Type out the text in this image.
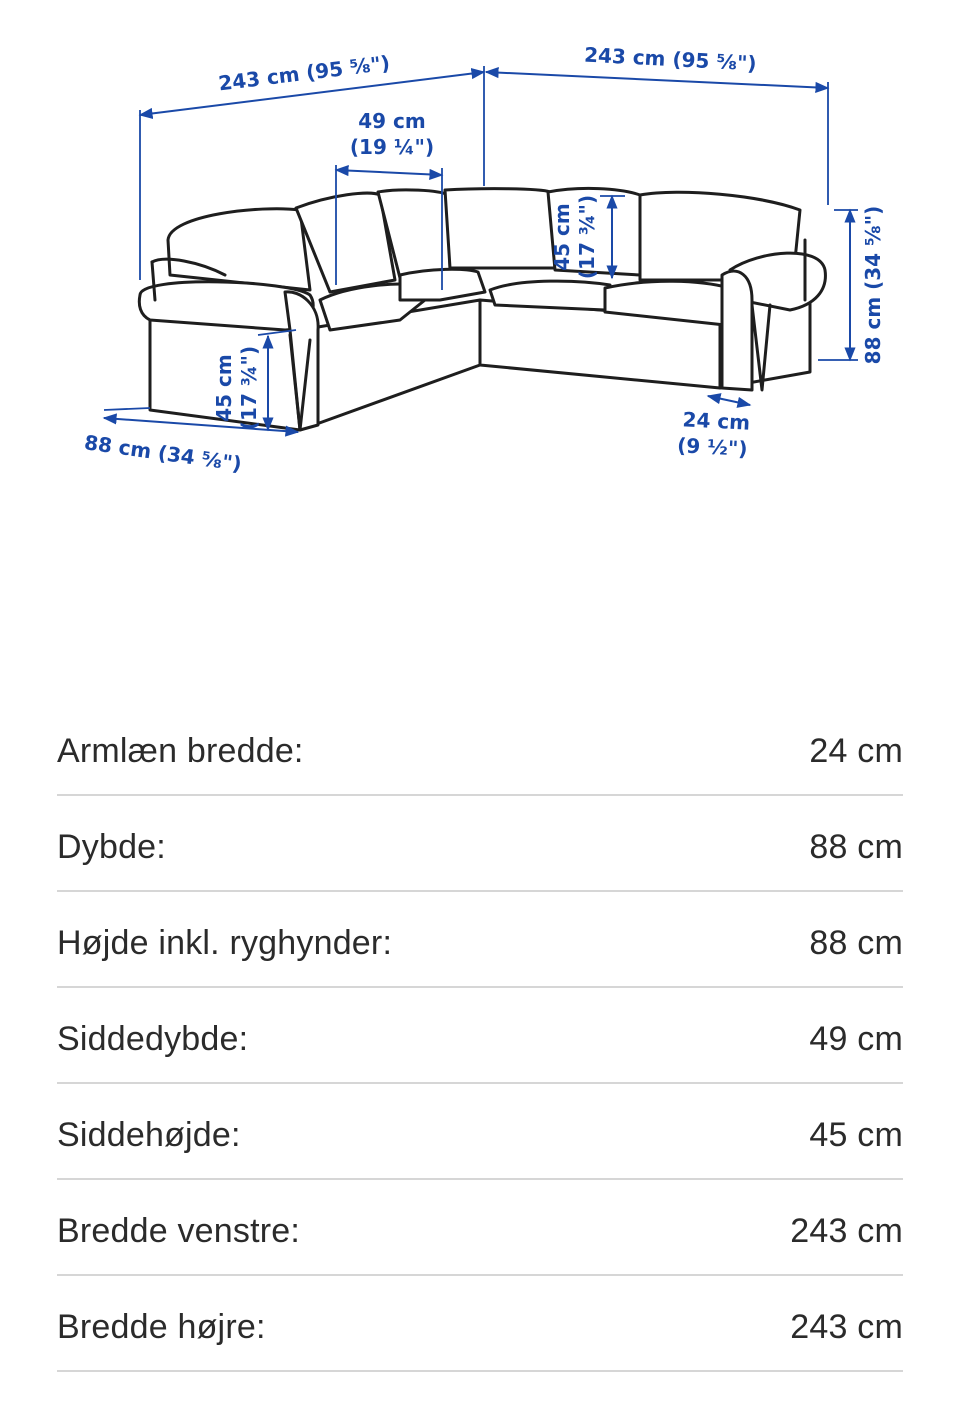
243 cm (95 ⅝")	243 cm (95 ⅝")
49 cm
(19 ¼")
45 cm (17 ¾")	88 cm (34 ⅝")
45 cm (17 ¾")
88 cm (34 ⅝")
24 cm
(9 ½")
Armlæn bredde:	24 cm
Dybde:	88 cm
Højde inkl. ryghynder:	88 cm
Siddedybde:	49 cm
Siddehøjde:	45 cm
Bredde venstre:	243 cm
Bredde højre:	243 cm
